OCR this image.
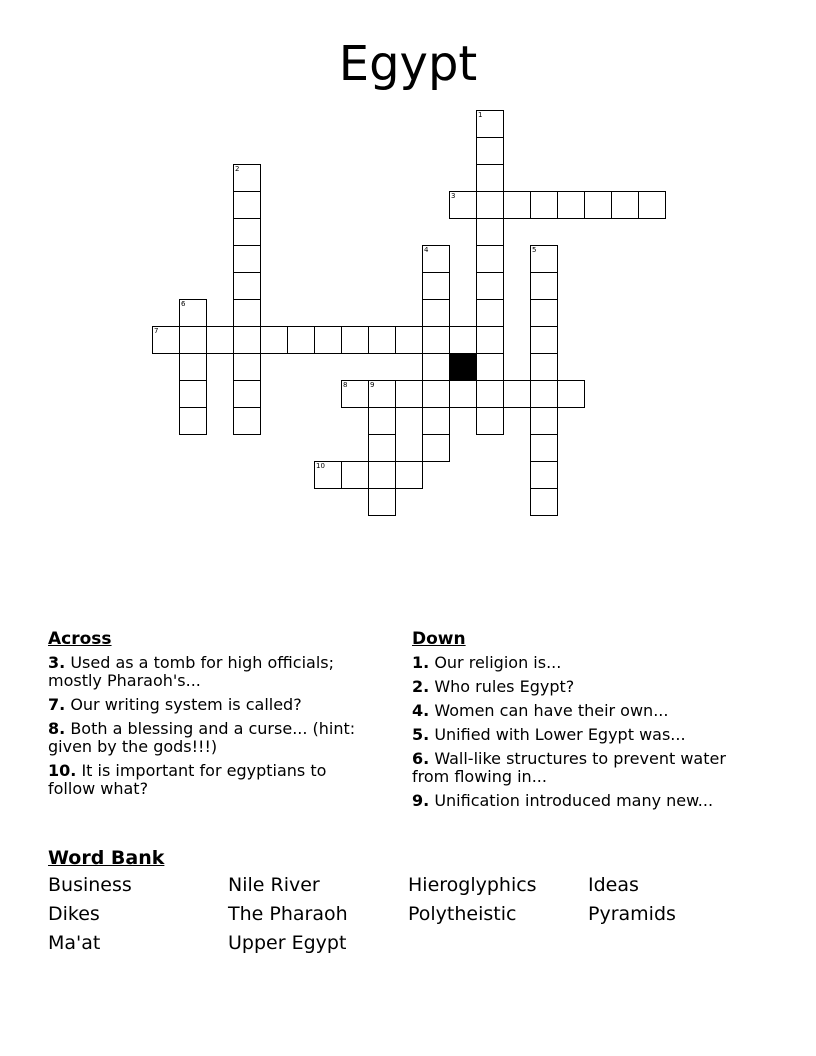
Egypt
3
7
8	9
10
1
2
4	5
6
Across
3. Used as a tomb for high officials; mostly Pharaoh's...
7. Our writing system is called?
8. Both a blessing and a curse... (hint: given by the gods!!!)
10. It is important for egyptians to follow what?
Down
1. Our religion is...
2. Who rules Egypt?
4. Women can have their own...
5. Unified with Lower Egypt was...
6. Wall-like structures to prevent water from flowing in...
9. Unification introduced many new...
Word Bank
Business	Nile River	Hieroglyphics	Ideas
Dikes	The Pharaoh	Polytheistic	Pyramids
Ma'at	Upper Egypt
